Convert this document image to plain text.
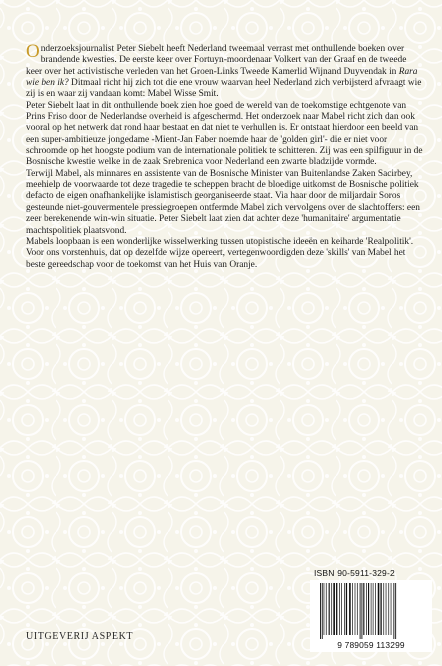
Onderzoeksjournalist Peter Siebelt heeft Nederland tweemaal verrast met onthullende boeken over brandende kwesties. De eerste keer over Fortuyn-moordenaar Volkert van der Graaf en de tweede keer over het activistische verleden van het Groen-Links Tweede Kamerlid Wijnand Duyvendak in Rara wie ben ik? Ditmaal richt hij zich tot die ene vrouw waarvan heel Nederland zich verbijsterd afvraagt wie zij is en waar zij vandaan komt: Mabel Wisse Smit.

Peter Siebelt laat in dit onthullende boek zien hoe goed de wereld van de toekomstige echtgenote van Prins Friso door de Nederlandse overheid is afgeschermd. Het onderzoek naar Mabel richt zich dan ook vooral op het netwerk dat rond haar bestaat en dat niet te verhullen is. Er ontstaat hierdoor een beeld van een super-ambitieuze jongedame -Mient-Jan Faber noemde haar de 'golden girl'- die er niet voor schroomde op het hoogste podium van de internationale politiek te schitteren. Zij was een spilfiguur in de Bosnische kwestie welke in de zaak Srebrenica voor Nederland een zwarte bladzijde vormde.

Terwijl Mabel, als minnares en assistente van de Bosnische Minister van Buitenlandse Zaken Sacirbey, meehielp de voorwaarde tot deze tragedie te scheppen bracht de bloedige uitkomst de Bosnische politiek defacto de eigen onafhankelijke islamistisch georganiseerde staat. Via haar door de miljardair Soros gesteunde niet-gouvermentele pressiegroepen ontfermde Mabel zich vervolgens over de slachtoffers: een zeer berekenende win-win situatie. Peter Siebelt laat zien dat achter deze 'humanitaire' argumentatie machtspolitiek plaatsvond.

Mabels loopbaan is een wonderlijke wisselwerking tussen utopistische ideeën en keiharde 'Realpolitik'. Voor ons vorstenhuis, dat op dezelfde wijze opereert, vertegenwoordigden deze 'skills' van Mabel het beste gereedschap voor de toekomst van het Huis van Oranje.

ISBN 90-5911-329-2
9 789059 113299
UITGEVERIJ ASPEKT
